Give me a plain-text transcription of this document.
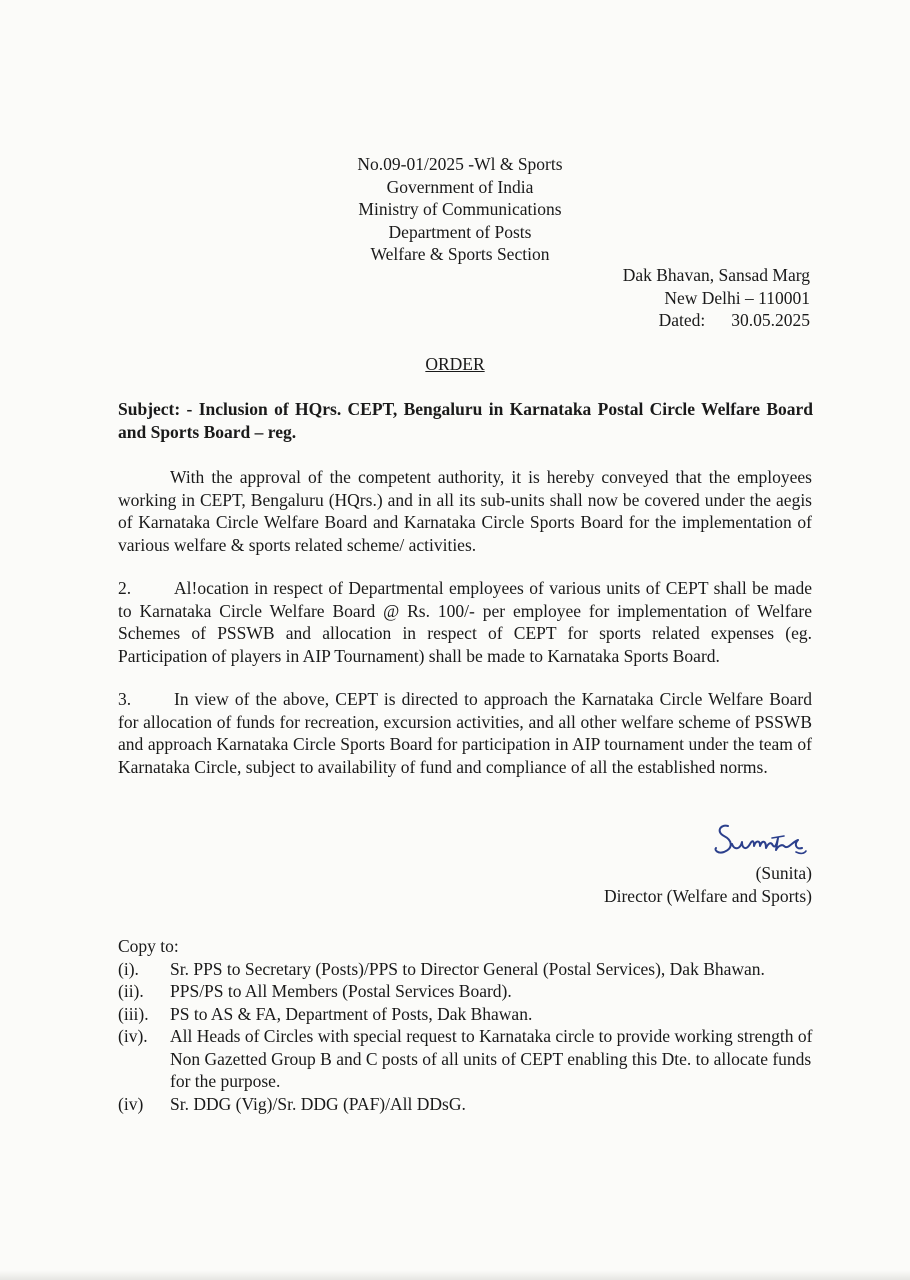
No.09-01/2025 -Wl & Sports
Government of India
Ministry of Communications
Department of Posts
Welfare & Sports Section
Dak Bhavan, Sansad Marg
New Delhi – 110001
Dated: 30.05.2025
ORDER
Subject: - Inclusion of HQrs. CEPT, Bengaluru in Karnataka Postal Circle Welfare Board and Sports Board – reg.
With the approval of the competent authority, it is hereby conveyed that the employees working in CEPT, Bengaluru (HQrs.) and in all its sub-units shall now be covered under the aegis of Karnataka Circle Welfare Board and Karnataka Circle Sports Board for the implementation of various welfare & sports related scheme/ activities.
2. Al!ocation in respect of Departmental employees of various units of CEPT shall be made to Karnataka Circle Welfare Board @ Rs. 100/- per employee for implementation of Welfare Schemes of PSSWB and allocation in respect of CEPT for sports related expenses (eg. Participation of players in AIP Tournament) shall be made to Karnataka Sports Board.
3. In view of the above, CEPT is directed to approach the Karnataka Circle Welfare Board for allocation of funds for recreation, excursion activities, and all other welfare scheme of PSSWB and approach Karnataka Circle Sports Board for participation in AIP tournament under the team of Karnataka Circle, subject to availability of fund and compliance of all the established norms.
(Sunita)
Director (Welfare and Sports)
Copy to:
(i).	Sr. PPS to Secretary (Posts)/PPS to Director General (Postal Services), Dak Bhawan.
(ii).	PPS/PS to All Members (Postal Services Board).
(iii).	PS to AS & FA, Department of Posts, Dak Bhawan.
(iv).	All Heads of Circles with special request to Karnataka circle to provide working strength of Non Gazetted Group B and C posts of all units of CEPT enabling this Dte. to allocate funds for the purpose.
(iv)	Sr. DDG (Vig)/Sr. DDG (PAF)/All DDsG.
